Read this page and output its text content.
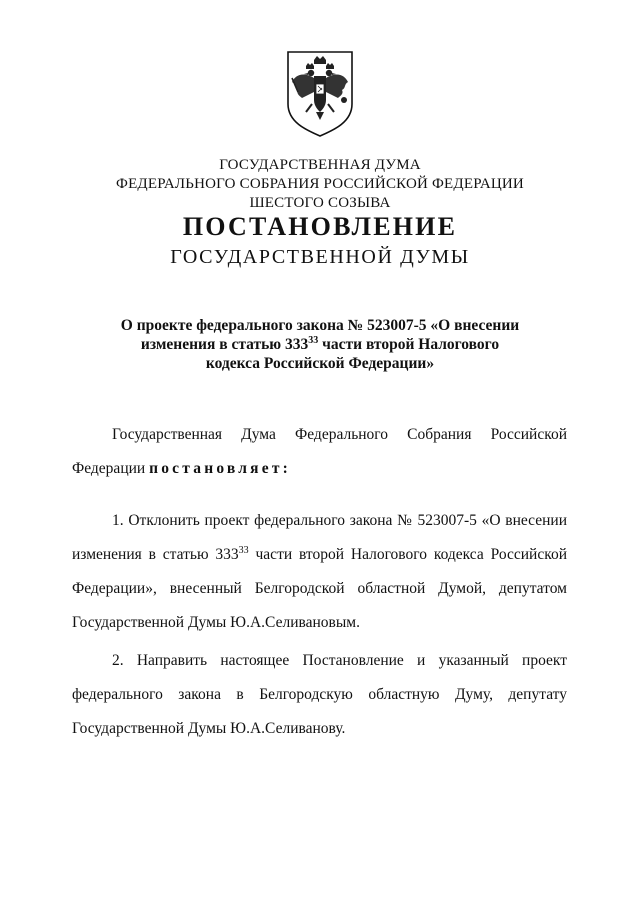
ГОСУДАРСТВЕННАЯ ДУМА
ФЕДЕРАЛЬНОГО СОБРАНИЯ РОССИЙСКОЙ ФЕДЕРАЦИИ
ШЕСТОГО СОЗЫВА
ПОСТАНОВЛЕНИЕ
ГОСУДАРСТВЕННОЙ ДУМЫ
О проекте федерального закона № 523007-5 «О внесении
изменения в статью $333^{33}$ части второй Налогового
кодекса Российской Федерации»
Государственная Дума Федерального Собрания Российской
Федерации постановляет:
1. Отклонить проект федерального закона № 523007-5 «О внесении
изменения в статью $333^{33}$ части второй Налогового кодекса Российской
Федерации», внесенный Белгородской областной Думой, депутатом
Государственной Думы Ю.А.Селивановым.
2. Направить настоящее Постановление и указанный проект
федерального закона в Белгородскую областную Думу, депутату
Государственной Думы Ю.А.Селиванову.
